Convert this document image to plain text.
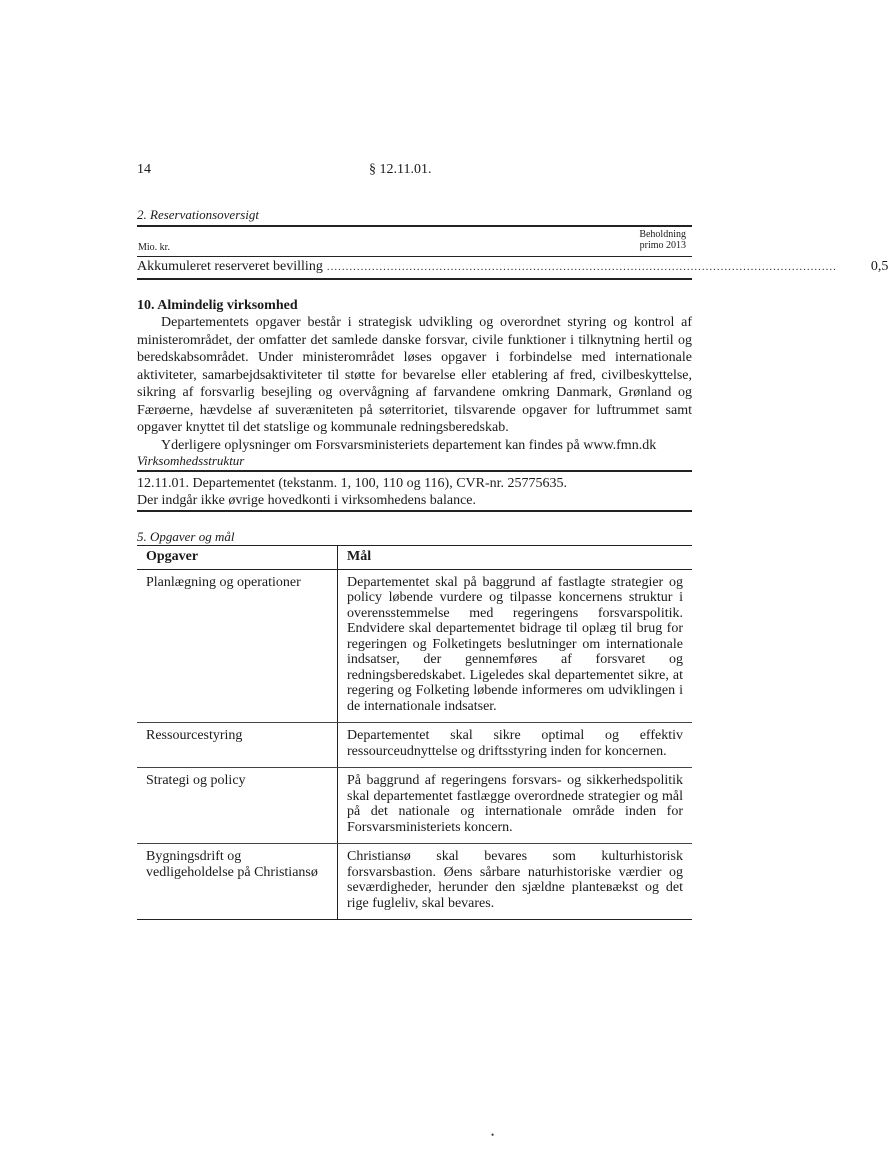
14	§ 12.11.01.
2. Reservationsoversigt
Beholdning
primo 2013
Mio. kr.
Akkumuleret reserveret bevilling ........................................................................................................................................ 0,5
10. Almindelig virksomhed

Departementets opgaver består i strategisk udvikling og overordnet styring og kontrol af ministerområdet, der omfatter det samlede danske forsvar, civile funktioner i tilknytning hertil og beredskabsområdet. Under ministerområdet løses opgaver i forbindelse med internationale aktiviteter, samarbejdsaktiviteter til støtte for bevarelse eller etablering af fred, civilbeskyttelse, sikring af forsvarlig besejling og overvågning af farvandene omkring Danmark, Grønland og Færøerne, hævdelse af suveræniteten på søterritoriet, tilsvarende opgaver for luftrummet samt opgaver knyttet til det statslige og kommunale redningsberedskab.

Yderligere oplysninger om Forsvarsministeriets departement kan findes på www.fmn.dk

Virksomhedsstruktur
12.11.01. Departementet (tekstanm. 1, 100, 110 og 116), CVR-nr. 25775635.
Der indgår ikke øvrige hovedkonti i virksomhedens balance.
5. Opgaver og mål
Opgaver	Mål
Planlægning og operationer	Departementet skal på baggrund af fastlagte strategier og policy løbende vurdere og tilpasse koncernens struktur i overensstemmelse med regeringens forsvarspolitik. Endvidere skal departementet bidrage til oplæg til brug for regeringen og Folketingets beslutninger om internationale indsatser, der gennemføres af forsvaret og redningsberedskabet. Ligeledes skal departementet sikre, at regering og Folketing løbende informeres om udviklingen i de internationale indsatser.
Ressourcestyring	Departementet skal sikre optimal og effektiv ressourceudnyttelse og driftsstyring inden for koncernen.
Strategi og policy	På baggrund af regeringens forsvars- og sikkerhedspolitik skal departementet fastlægge overordnede strategier og mål på det nationale og internationale område inden for Forsvarsministeriets koncern.
Bygningsdrift og vedligeholdelse på Christiansø	Christiansø skal bevares som kulturhistorisk forsvarsbastion. Øens sårbare naturhistoriske værdier og seværdigheder, herunder den sjældne planteвækst og det rige fugleliv, skal bevares.
•
